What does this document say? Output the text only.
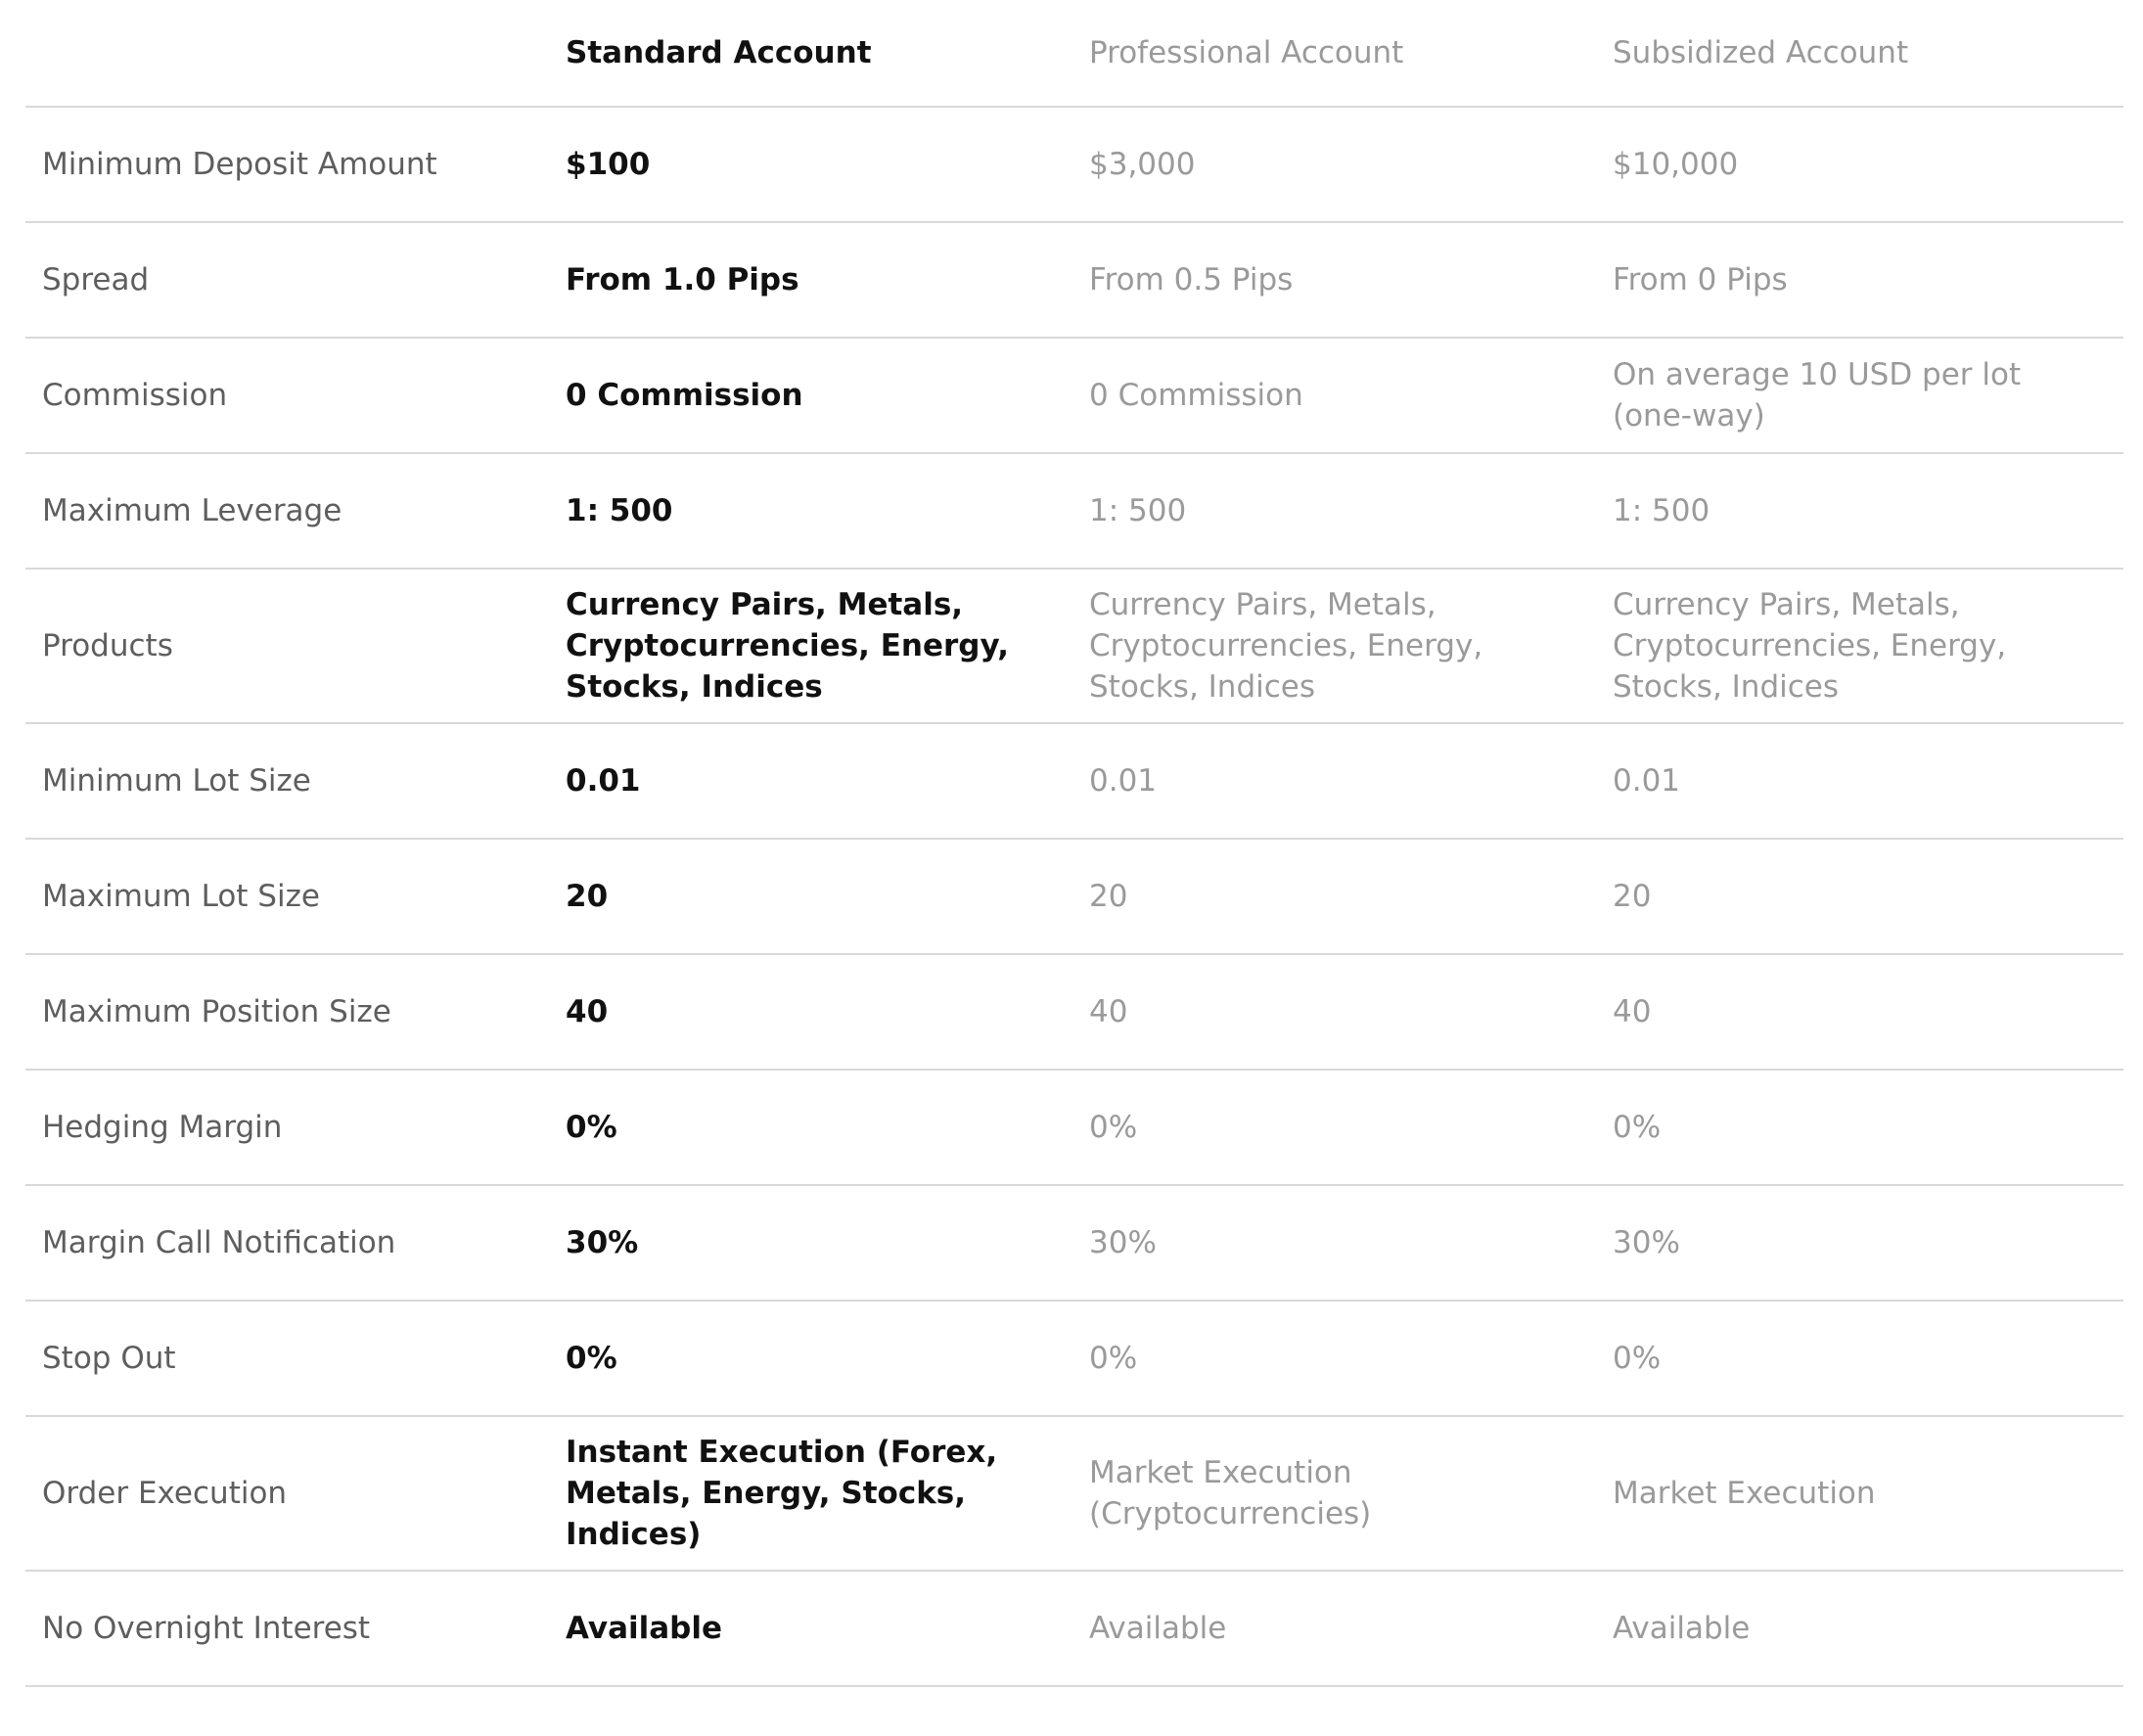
	Standard Account	Professional Account	Subsidized Account
Minimum Deposit Amount	$100	$3,000	$10,000
Spread	From 1.0 Pips	From 0.5 Pips	From 0 Pips
Commission	0 Commission	0 Commission	On average 10 USD per lot (one-way)
Maximum Leverage	1: 500	1: 500	1: 500
Products	Currency Pairs, Metals, Cryptocurrencies, Energy, Stocks, Indices	Currency Pairs, Metals, Cryptocurrencies, Energy, Stocks, Indices	Currency Pairs, Metals, Cryptocurrencies, Energy, Stocks, Indices
Minimum Lot Size	0.01	0.01	0.01
Maximum Lot Size	20	20	20
Maximum Position Size	40	40	40
Hedging Margin	0%	0%	0%
Margin Call Notification	30%	30%	30%
Stop Out	0%	0%	0%
Order Execution	Instant Execution (Forex, Metals, Energy, Stocks, Indices)	Market Execution (Cryptocurrencies)	Market Execution
No Overnight Interest	Available	Available	Available
